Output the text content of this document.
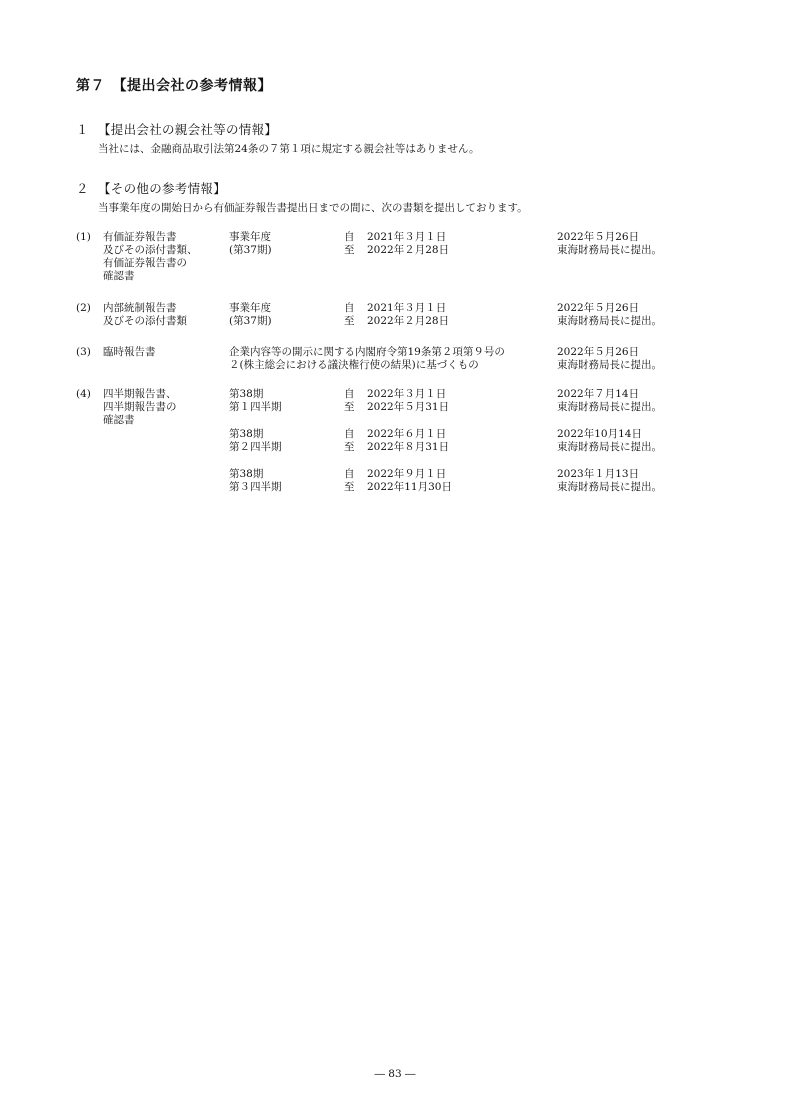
第７　【提出会社の参考情報】
１ 【提出会社の親会社等の情報】
当社には、金融商品取引法第24条の７第１項に規定する親会社等はありません。
２ 【その他の参考情報】
当事業年度の開始日から有価証券報告書提出日までの間に、次の書類を提出しております。
(1) 有価証券報告書
及びその添付書類、
有価証券報告書の
確認書
事業年度
(第37期)
自
至
2021年３月１日
2022年２月28日
2022年５月26日
東海財務局長に提出。
(2) 内部統制報告書
及びその添付書類
事業年度
(第37期)
自
至
2021年３月１日
2022年２月28日
2022年５月26日
東海財務局長に提出。
(3) 臨時報告書	企業内容等の開示に関する内閣府令第19条第２項第９号の
２(株主総会における議決権行使の結果)に基づくもの
2022年５月26日
東海財務局長に提出。
(4) 四半期報告書、
四半期報告書の
確認書
第38期
第１四半期
自
至
2022年３月１日
2022年５月31日
2022年７月14日
東海財務局長に提出。
第38期
第２四半期
自
至
2022年６月１日
2022年８月31日
2022年10月14日
東海財務局長に提出。
第38期
第３四半期
自
至
2022年９月１日
2022年11月30日
2023年１月13日
東海財務局長に提出。
― 83 ―
